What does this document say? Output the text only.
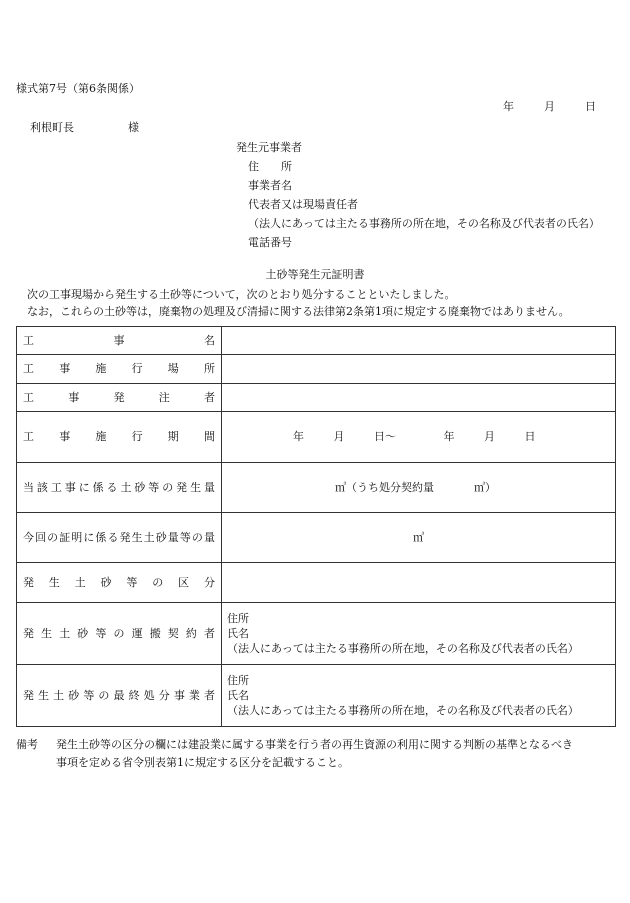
様式第7号（第6条関係）
年	月	日
利根町長	様
発生元事業者
住　　所
事業者名
代表者又は現場責任者
（法人にあっては主たる事務所の所在地，その名称及び代表者の氏名）
電話番号
土砂等発生元証明書
次の工事現場から発生する土砂等について，次のとおり処分することといたしました。
なお，これらの土砂等は，廃棄物の処理及び清掃に関する法律第2条第1項に規定する廃棄物ではありません。
工事名	
工事施行場所	
工事発注者	
工事施行期間	年 月 日～ 年 月 日
当該工事に係る土砂等の発生量	㎥（うち処分契約量 ㎥）
今回の証明に係る発生土砂量等の量	㎥
発生土砂等の区分	
発生土砂等の運搬契約者	住所
氏名
（法人にあっては主たる事務所の所在地，その名称及び代表者の氏名）

発生土砂等の最終処分事業者	住所
氏名
（法人にあっては主たる事務所の所在地，その名称及び代表者の氏名）
備考	発生土砂等の区分の欄には建設業に属する事業を行う者の再生資源の利用に関する判断の基準となるべき
事項を定める省令別表第1に規定する区分を記載すること。
